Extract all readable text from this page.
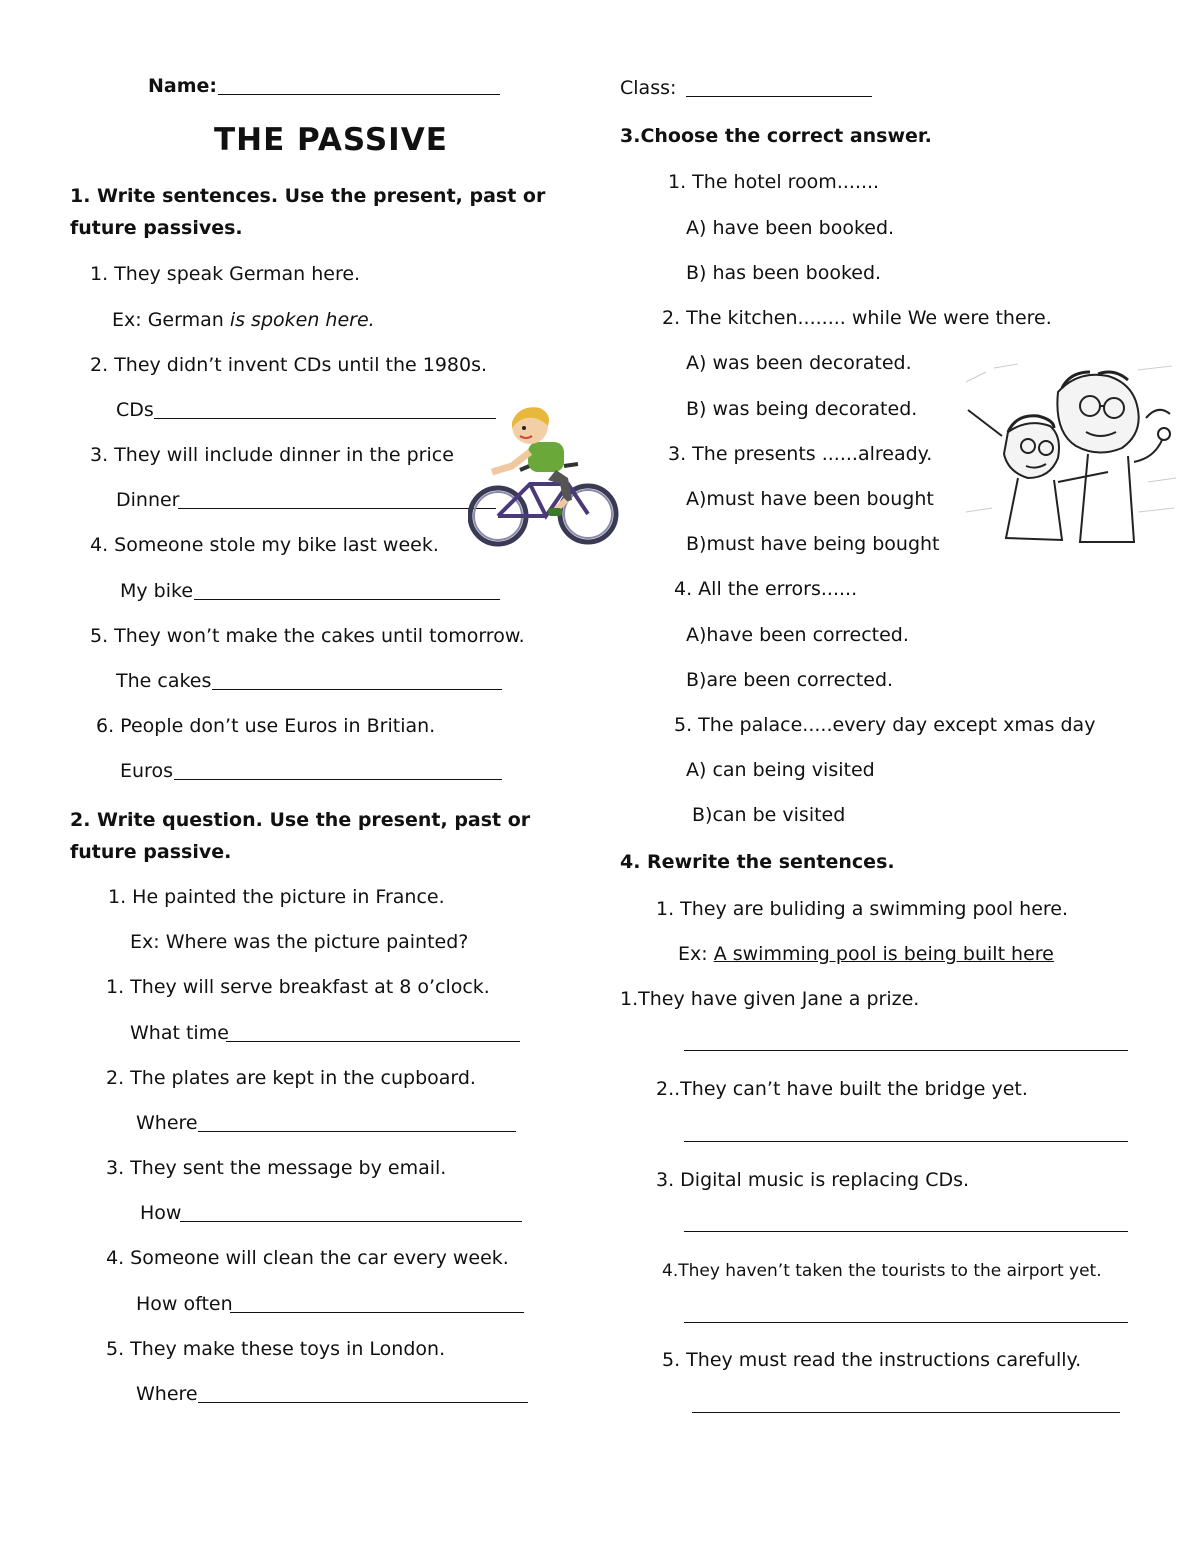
Name:	Class:
THE PASSIVE
1. Write sentences. Use the present, past or
future passives.
1. They speak German here.
Ex: German is spoken here.
2. They didn’t invent CDs until the 1980s.
CDs
3. They will include dinner in the price
Dinner
4. Someone stole my bike last week.
My bike
5. They won’t make the cakes until tomorrow.
The cakes
6. People don’t use Euros in Britian.
Euros
2. Write question. Use the present, past or
future passive.
1. He painted the picture in France.
Ex: Where was the picture painted?
1. They will serve breakfast at 8 o’clock.
What time
2. The plates are kept in the cupboard.
Where
3. They sent the message by email.
How
4. Someone will clean the car every week.
How often
5. They make these toys in London.
Where
3.Choose the correct answer.
1. The hotel room.......
A) have been booked.
B) has been booked.
2. The kitchen........ while We were there.
A) was been decorated.
B) was being decorated.
3. The presents ......already.
A)must have been bought
B)must have being bought
4. All the errors......
A)have been corrected.
B)are been corrected.
5. The palace.....every day except xmas day
A) can being visited
B)can be visited
4. Rewrite the sentences.
1. They are buliding a swimming pool here.
Ex: A swimming pool is being built here
1.They have given Jane a prize.
2..They can’t have built the bridge yet.
3. Digital music is replacing CDs.
4.They haven’t taken the tourists to the airport yet.
5. They must read the instructions carefully.
